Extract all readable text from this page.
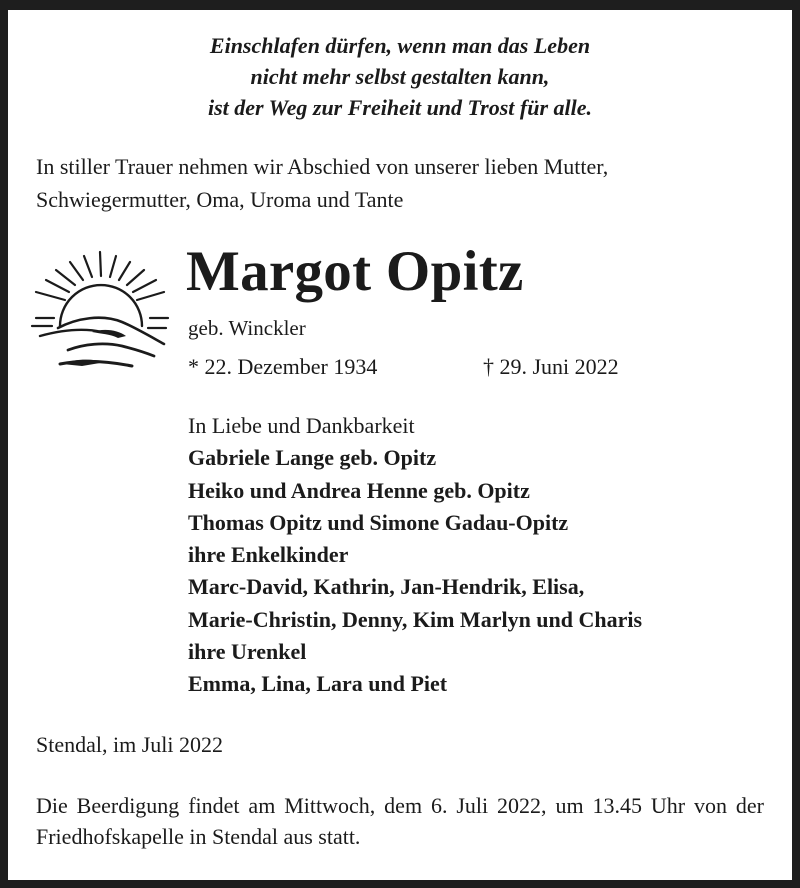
Einschlafen dürfen, wenn man das Leben
nicht mehr selbst gestalten kann,
ist der Weg zur Freiheit und Trost für alle.
In stiller Trauer nehmen wir Abschied von unserer lieben Mutter, Schwiegermutter, Oma, Uroma und Tante
Margot Opitz
geb. Winckler
* 22. Dezember 1934	† 29. Juni 2022
In Liebe und Dankbarkeit
Gabriele Lange geb. Opitz
Heiko und Andrea Henne geb. Opitz
Thomas Opitz und Simone Gadau-Opitz
ihre Enkelkinder
Marc-David, Kathrin, Jan-Hendrik, Elisa,
Marie-Christin, Denny, Kim Marlyn und Charis
ihre Urenkel
Emma, Lina, Lara und Piet
Stendal, im Juli 2022
Die Beerdigung findet am Mittwoch, dem 6. Juli 2022, um 13.45 Uhr von der Friedhofskapelle in Stendal aus statt.
